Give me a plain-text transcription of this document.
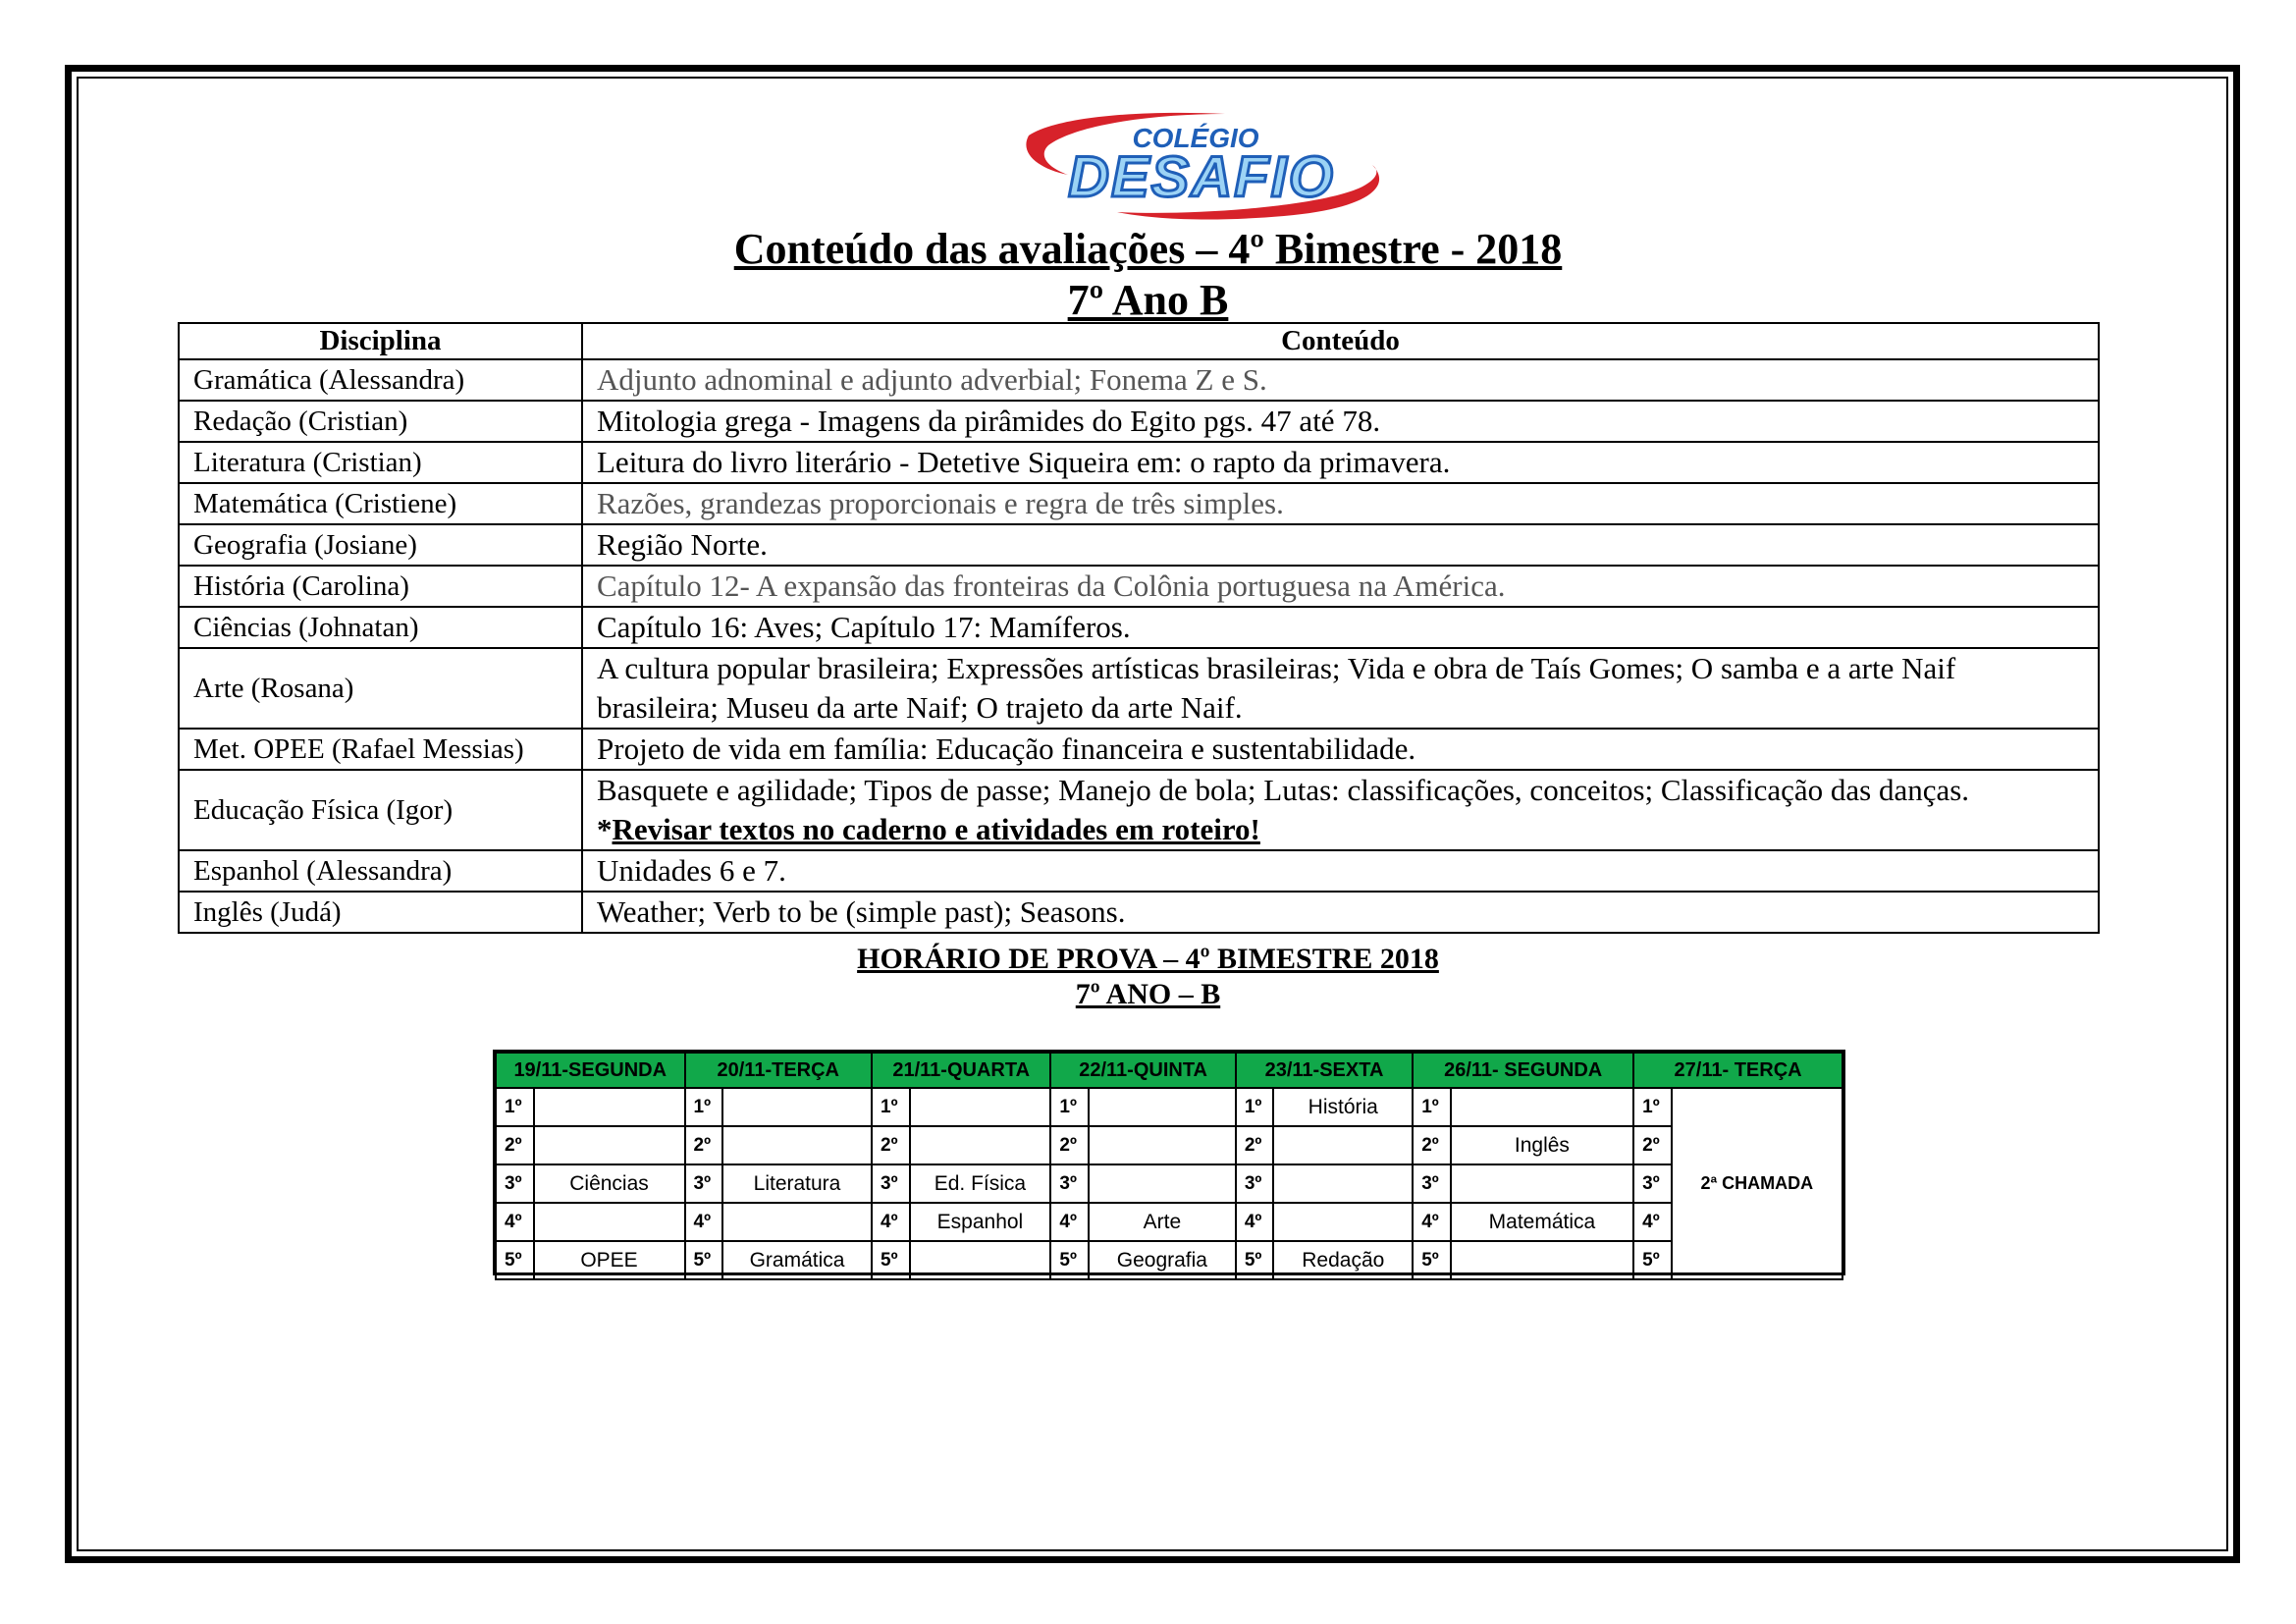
COLÉGIO
DESAFIO
Conteúdo das avaliações – 4º Bimestre - 2018
7º Ano B
Disciplina	Conteúdo
Gramática (Alessandra)	Adjunto adnominal e adjunto adverbial; Fonema Z e S.
Redação (Cristian)	Mitologia grega - Imagens da pirâmides do Egito pgs. 47 até 78.
Literatura (Cristian)	Leitura do livro literário - Detetive Siqueira em: o rapto da primavera.
Matemática (Cristiene)	Razões, grandezas proporcionais e regra de três simples.
Geografia (Josiane)	Região Norte.
História (Carolina)	Capítulo 12- A expansão das fronteiras da Colônia portuguesa na América.
Ciências (Johnatan)	Capítulo 16: Aves; Capítulo 17: Mamíferos.
Arte (Rosana)	A cultura popular brasileira; Expressões artísticas brasileiras; Vida e obra de Taís Gomes; O samba e a arte Naif brasileira; Museu da arte Naif; O trajeto da arte Naif.
Met. OPEE (Rafael Messias)	Projeto de vida em família: Educação financeira e sustentabilidade.
Educação Física (Igor)	Basquete e agilidade; Tipos de passe; Manejo de bola; Lutas: classificações, conceitos; Classificação das danças.
*Revisar textos no caderno e atividades em roteiro!

Espanhol (Alessandra)	Unidades 6 e 7.
Inglês (Judá)	Weather; Verb to be (simple past); Seasons.
HORÁRIO DE PROVA – 4º BIMESTRE 2018
7º ANO – B
19/11-SEGUNDA		20/11-TERÇA		21/11-QUARTA		22/11-QUINTA		23/11-SEXTA		26/11- SEGUNDA		27/11- TERÇA	
1º		1º		1º		1º		1º	História	1º		1º	2ª CHAMADA
2º		2º		2º		2º		2º		2º	Inglês	2º	
3º	Ciências	3º	Literatura	3º	Ed. Física	3º		3º		3º		3º	
4º		4º		4º	Espanhol	4º	Arte	4º		4º	Matemática	4º	
5º	OPEE	5º	Gramática	5º		5º	Geografia	5º	Redação	5º		5º	
